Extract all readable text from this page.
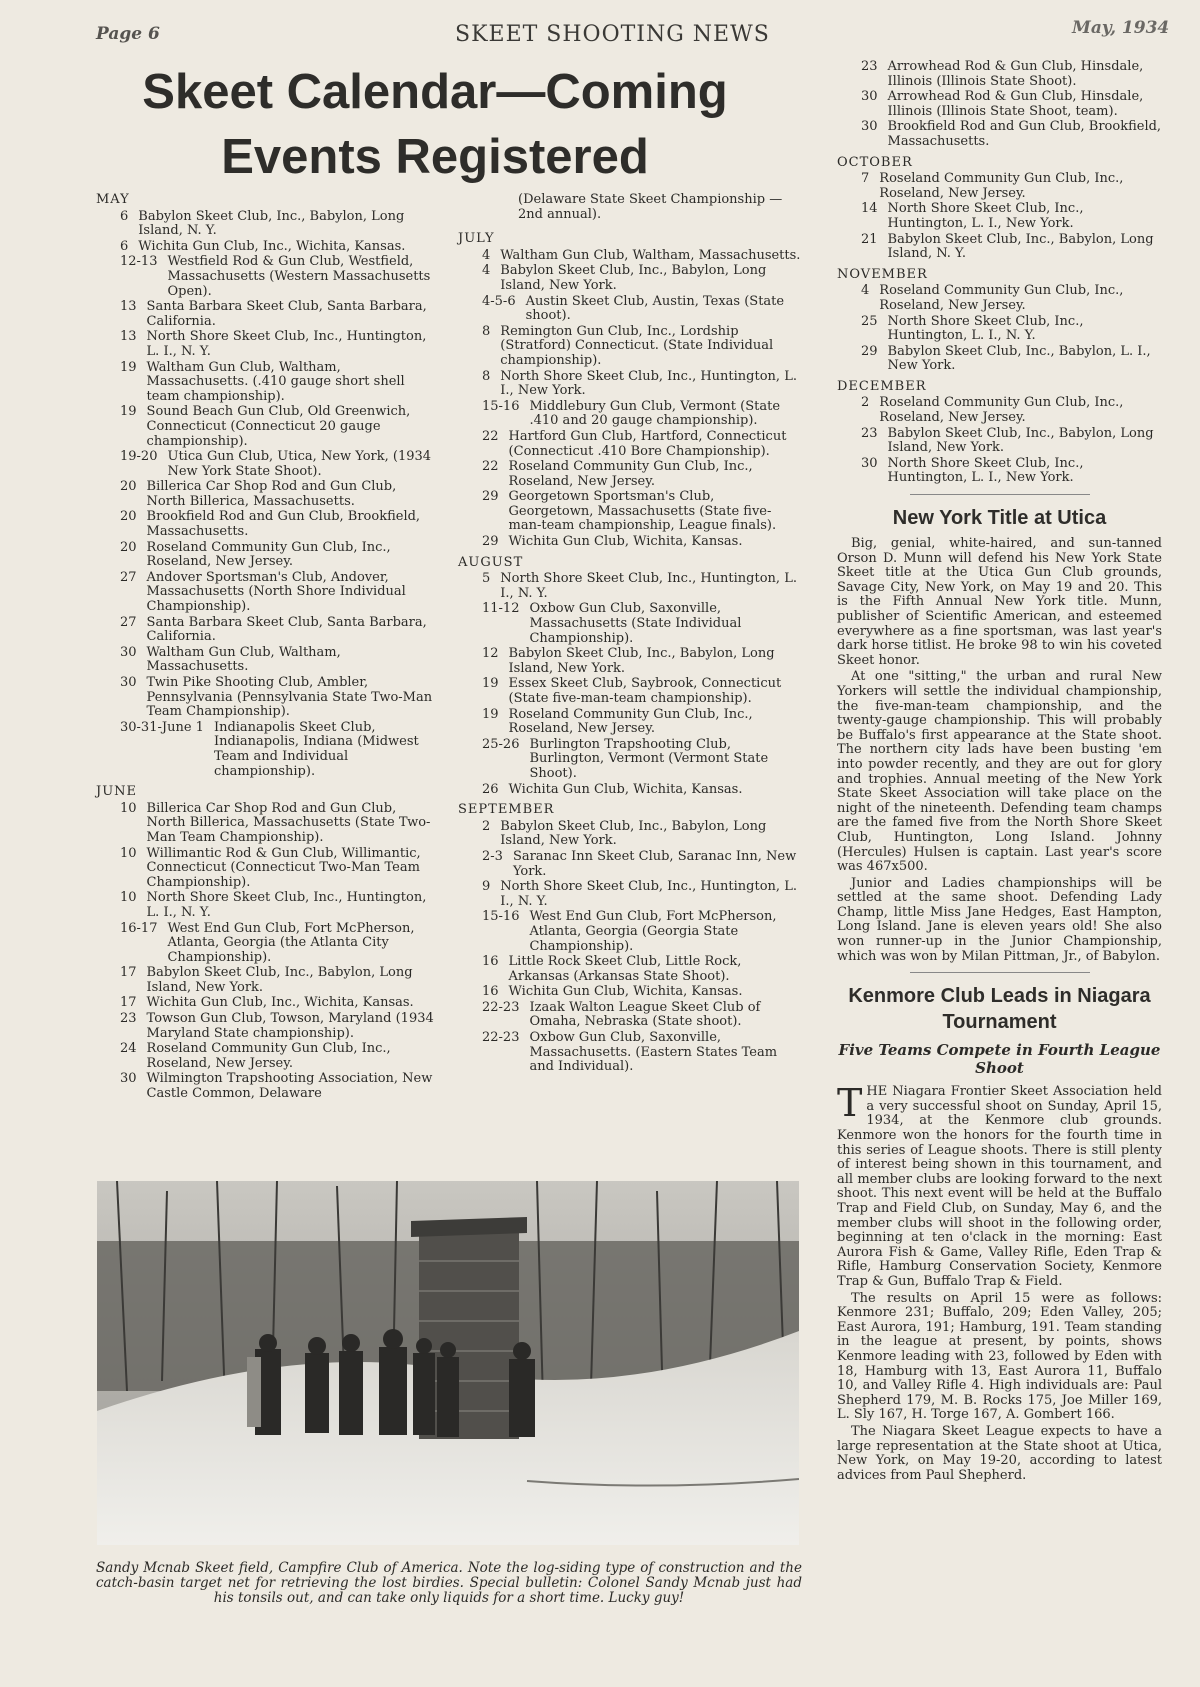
Page 6	SKEET SHOOTING NEWS	May, 1934
Skeet Calendar—Coming Events Registered
MAY
6 Babylon Skeet Club, Inc., Babylon, Long Island, N. Y.
6 Wichita Gun Club, Inc., Wichita, Kansas.
12-13 Westfield Rod & Gun Club, Westfield, Massachusetts (Western Massachusetts Open).
13 Santa Barbara Skeet Club, Santa Barbara, California.
13 North Shore Skeet Club, Inc., Huntington, L. I., N. Y.
19 Waltham Gun Club, Waltham, Massachusetts. (.410 gauge short shell team championship).
19 Sound Beach Gun Club, Old Greenwich, Connecticut (Connecticut 20 gauge championship).
19-20 Utica Gun Club, Utica, New York, (1934 New York State Shoot).
20 Billerica Car Shop Rod and Gun Club, North Billerica, Massachusetts.
20 Brookfield Rod and Gun Club, Brookfield, Massachusetts.
20 Roseland Community Gun Club, Inc., Roseland, New Jersey.
27 Andover Sportsman's Club, Andover, Massachusetts (North Shore Individual Championship).
27 Santa Barbara Skeet Club, Santa Barbara, California.
30 Waltham Gun Club, Waltham, Massachusetts.
30 Twin Pike Shooting Club, Ambler, Pennsylvania (Pennsylvania State Two-Man Team Championship).
30-31-June 1 Indianapolis Skeet Club, Indianapolis, Indiana (Midwest Team and Individual championship).
JUNE
10 Billerica Car Shop Rod and Gun Club, North Billerica, Massachusetts (State Two-Man Team Championship).
10 Willimantic Rod & Gun Club, Willimantic, Connecticut (Connecticut Two-Man Team Championship).
10 North Shore Skeet Club, Inc., Huntington, L. I., N. Y.
16-17 West End Gun Club, Fort McPherson, Atlanta, Georgia (the Atlanta City Championship).
17 Babylon Skeet Club, Inc., Babylon, Long Island, New York.
17 Wichita Gun Club, Inc., Wichita, Kansas.
23 Towson Gun Club, Towson, Maryland (1934 Maryland State championship).
24 Roseland Community Gun Club, Inc., Roseland, New Jersey.
30 Wilmington Trapshooting Association, New Castle Common, Delaware
(Delaware State Skeet Championship —2nd annual).
JULY
4 Waltham Gun Club, Waltham, Massachusetts.
4 Babylon Skeet Club, Inc., Babylon, Long Island, New York.
4-5-6 Austin Skeet Club, Austin, Texas (State shoot).
8 Remington Gun Club, Inc., Lordship (Stratford) Connecticut. (State Individual championship).
8 North Shore Skeet Club, Inc., Huntington, L. I., New York.
15-16 Middlebury Gun Club, Vermont (State .410 and 20 gauge championship).
22 Hartford Gun Club, Hartford, Connecticut (Connecticut .410 Bore Championship).
22 Roseland Community Gun Club, Inc., Roseland, New Jersey.
29 Georgetown Sportsman's Club, Georgetown, Massachusetts (State five-man-team championship, League finals).
29 Wichita Gun Club, Wichita, Kansas.
AUGUST
5 North Shore Skeet Club, Inc., Huntington, L. I., N. Y.
11-12 Oxbow Gun Club, Saxonville, Massachusetts (State Individual Championship).
12 Babylon Skeet Club, Inc., Babylon, Long Island, New York.
19 Essex Skeet Club, Saybrook, Connecticut (State five-man-team championship).
19 Roseland Community Gun Club, Inc., Roseland, New Jersey.
25-26 Burlington Trapshooting Club, Burlington, Vermont (Vermont State Shoot).
26 Wichita Gun Club, Wichita, Kansas.
SEPTEMBER
2 Babylon Skeet Club, Inc., Babylon, Long Island, New York.
2-3 Saranac Inn Skeet Club, Saranac Inn, New York.
9 North Shore Skeet Club, Inc., Huntington, L. I., N. Y.
15-16 West End Gun Club, Fort McPherson, Atlanta, Georgia (Georgia State Championship).
16 Little Rock Skeet Club, Little Rock, Arkansas (Arkansas State Shoot).
16 Wichita Gun Club, Wichita, Kansas.
22-23 Izaak Walton League Skeet Club of Omaha, Nebraska (State shoot).
22-23 Oxbow Gun Club, Saxonville, Massachusetts. (Eastern States Team and Individual).
23 Arrowhead Rod & Gun Club, Hinsdale, Illinois (Illinois State Shoot).
30 Arrowhead Rod & Gun Club, Hinsdale, Illinois (Illinois State Shoot, team).
30 Brookfield Rod and Gun Club, Brookfield, Massachusetts.
OCTOBER
7 Roseland Community Gun Club, Inc., Roseland, New Jersey.
14 North Shore Skeet Club, Inc., Huntington, L. I., New York.
21 Babylon Skeet Club, Inc., Babylon, Long Island, N. Y.
NOVEMBER
4 Roseland Community Gun Club, Inc., Roseland, New Jersey.
25 North Shore Skeet Club, Inc., Huntington, L. I., N. Y.
29 Babylon Skeet Club, Inc., Babylon, L. I., New York.
DECEMBER
2 Roseland Community Gun Club, Inc., Roseland, New Jersey.
23 Babylon Skeet Club, Inc., Babylon, Long Island, New York.
30 North Shore Skeet Club, Inc., Huntington, L. I., New York.
New York Title at Utica
Big, genial, white-haired, and sun-tanned Orson D. Munn will defend his New York State Skeet title at the Utica Gun Club grounds, Savage City, New York, on May 19 and 20. This is the Fifth Annual New York title. Munn, publisher of Scientific American, and esteemed everywhere as a fine sportsman, was last year's dark horse titlist. He broke 98 to win his coveted Skeet honor.
At one "sitting," the urban and rural New Yorkers will settle the individual championship, the five-man-team championship, and the twenty-gauge championship. This will probably be Buffalo's first appearance at the State shoot. The northern city lads have been busting 'em into powder recently, and they are out for glory and trophies. Annual meeting of the New York State Skeet Association will take place on the night of the nineteenth. Defending team champs are the famed five from the North Shore Skeet Club, Huntington, Long Island. Johnny (Hercules) Hulsen is captain. Last year's score was 467x500.
Junior and Ladies championships will be settled at the same shoot. Defending Lady Champ, little Miss Jane Hedges, East Hampton, Long Island. Jane is eleven years old! She also won runner-up in the Junior Championship, which was won by Milan Pittman, Jr., of Babylon.
Kenmore Club Leads in Niagara Tournament
Five Teams Compete in Fourth League Shoot
THE Niagara Frontier Skeet Association held a very successful shoot on Sunday, April 15, 1934, at the Kenmore club grounds. Kenmore won the honors for the fourth time in this series of League shoots. There is still plenty of interest being shown in this tournament, and all member clubs are looking forward to the next shoot. This next event will be held at the Buffalo Trap and Field Club, on Sunday, May 6, and the member clubs will shoot in the following order, beginning at ten o'clack in the morning: East Aurora Fish & Game, Valley Rifle, Eden Trap & Rifle, Hamburg Conservation Society, Kenmore Trap & Gun, Buffalo Trap & Field.
The results on April 15 were as follows: Kenmore 231; Buffalo, 209; Eden Valley, 205; East Aurora, 191; Hamburg, 191. Team standing in the league at present, by points, shows Kenmore leading with 23, followed by Eden with 18, Hamburg with 13, East Aurora 11, Buffalo 10, and Valley Rifle 4. High individuals are: Paul Shepherd 179, M. B. Rocks 175, Joe Miller 169, L. Sly 167, H. Torge 167, A. Gombert 166.
The Niagara Skeet League expects to have a large representation at the State shoot at Utica, New York, on May 19-20, according to latest advices from Paul Shepherd.
Sandy Mcnab Skeet field, Campfire Club of America. Note the log-siding type of construction and the catch-basin target net for retrieving the lost birdies. Special bulletin: Colonel Sandy Mcnab just had his tonsils out, and can take only liquids for a short time. Lucky guy!
